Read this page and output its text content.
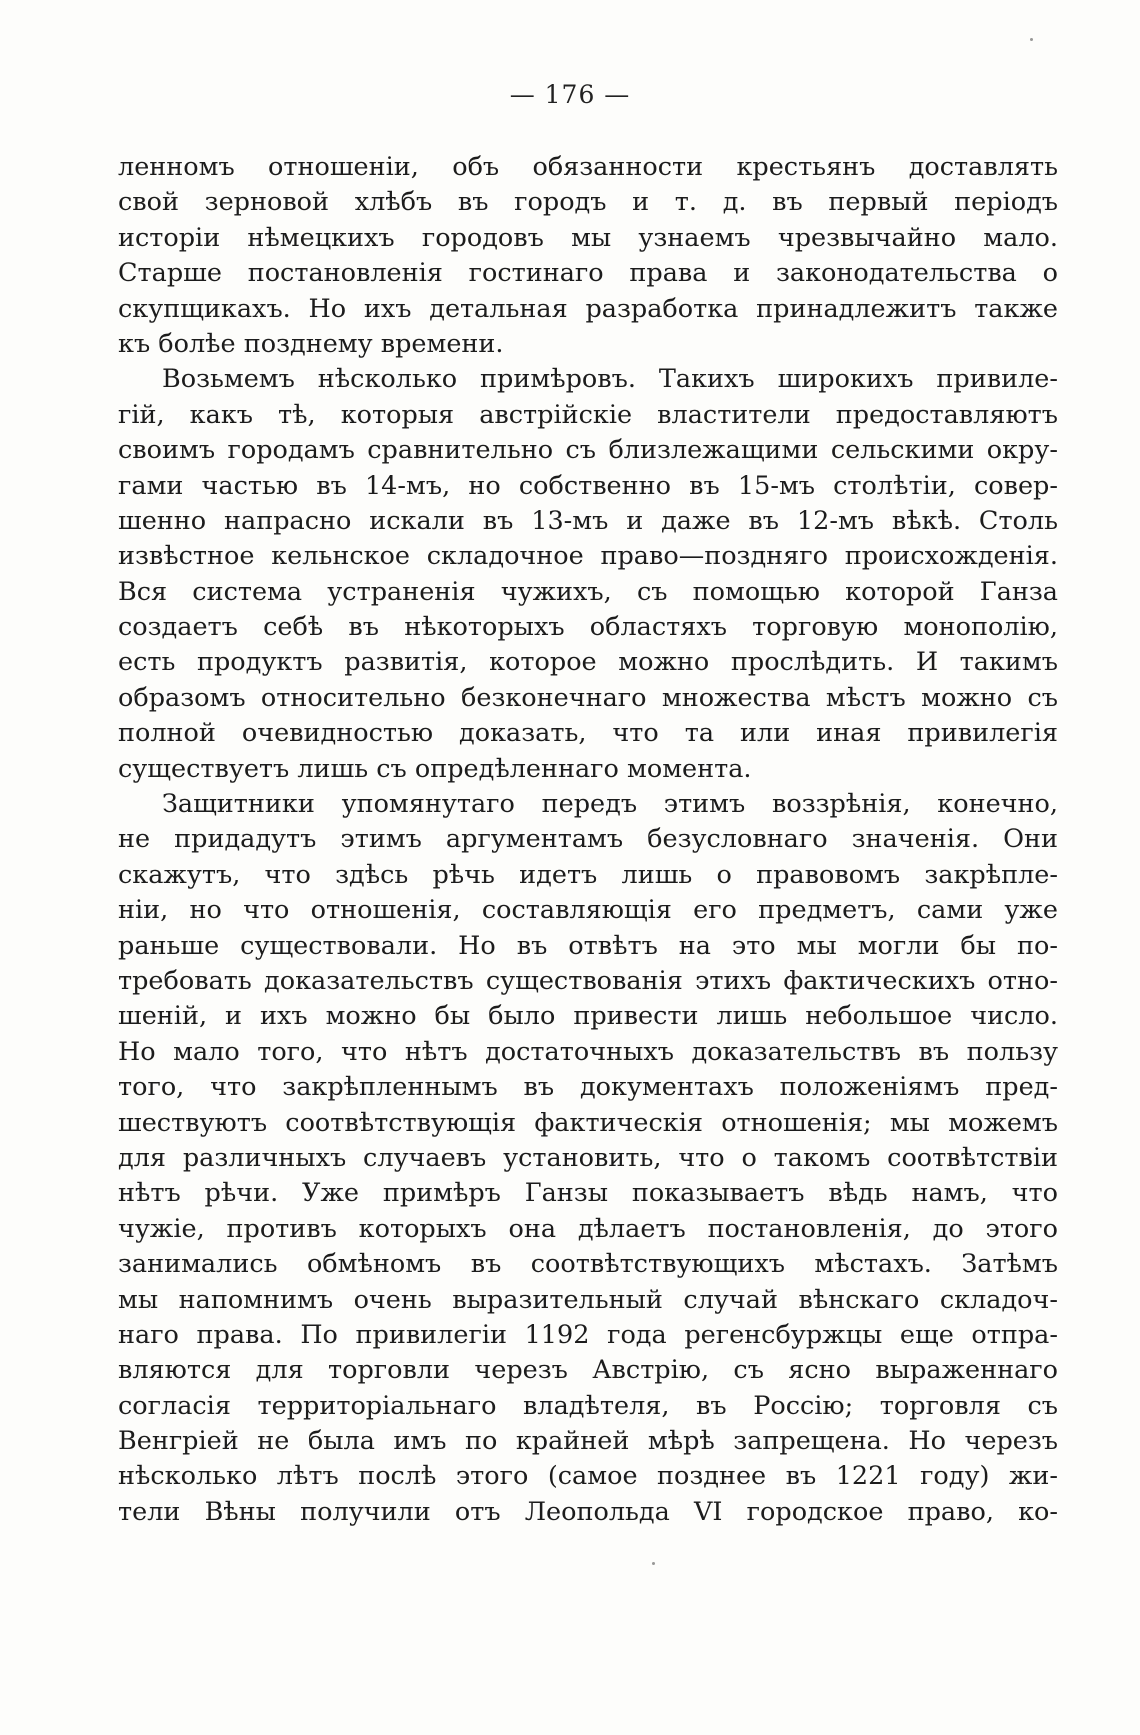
— 176 —
ленномъ отношеніи, объ обязанности крестьянъ доставлять
свой зерновой хлѣбъ въ городъ и т. д. въ первый періодъ
исторіи нѣмецкихъ городовъ мы узнаемъ чрезвычайно мало.
Старше постановленія гостинаго права и законодательства о
скупщикахъ. Но ихъ детальная разработка принадлежитъ также
къ болѣе позднему времени.
Возьмемъ нѣсколько примѣровъ. Такихъ широкихъ привиле-
гій, какъ тѣ, которыя австрійскіе властители предоставляютъ
своимъ городамъ сравнительно съ близлежащими сельскими окру-
гами частью въ 14-мъ, но собственно въ 15-мъ столѣтіи, совер-
шенно напрасно искали въ 13-мъ и даже въ 12-мъ вѣкѣ. Столь
извѣстное кельнское складочное право—поздняго происхожденія.
Вся система устраненія чужихъ, съ помощью которой Ганза
создаетъ себѣ въ нѣкоторыхъ областяхъ торговую монополію,
есть продуктъ развитія, которое можно прослѣдить. И такимъ
образомъ относительно безконечнаго множества мѣстъ можно съ
полной очевидностью доказать, что та или иная привилегія
существуетъ лишь съ опредѣленнаго момента.
Защитники упомянутаго передъ этимъ воззрѣнія, конечно,
не придадутъ этимъ аргументамъ безусловнаго значенія. Они
скажутъ, что здѣсь рѣчь идетъ лишь о правовомъ закрѣпле-
ніи, но что отношенія, составляющія его предметъ, сами уже
раньше существовали. Но въ отвѣтъ на это мы могли бы по-
требовать доказательствъ существованія этихъ фактическихъ отно-
шеній, и ихъ можно бы было привести лишь небольшое число.
Но мало того, что нѣтъ достаточныхъ доказательствъ въ пользу
того, что закрѣпленнымъ въ документахъ положеніямъ пред-
шествуютъ соотвѣтствующія фактическія отношенія; мы можемъ
для различныхъ случаевъ установить, что о такомъ соотвѣтствіи
нѣтъ рѣчи. Уже примѣръ Ганзы показываетъ вѣдь намъ, что
чужіе, противъ которыхъ она дѣлаетъ постановленія, до этого
занимались обмѣномъ въ соотвѣтствующихъ мѣстахъ. Затѣмъ
мы напомнимъ очень выразительный случай вѣнскаго складоч-
наго права. По привилегіи 1192 года регенсбуржцы еще отпра-
вляются для торговли черезъ Австрію, съ ясно выраженнаго
согласія территоріальнаго владѣтеля, въ Россію; торговля съ
Венгріей не была имъ по крайней мѣрѣ запрещена. Но черезъ
нѣсколько лѣтъ послѣ этого (самое позднее въ 1221 году) жи-
тели Вѣны получили отъ Леопольда VI городское право, ко-
